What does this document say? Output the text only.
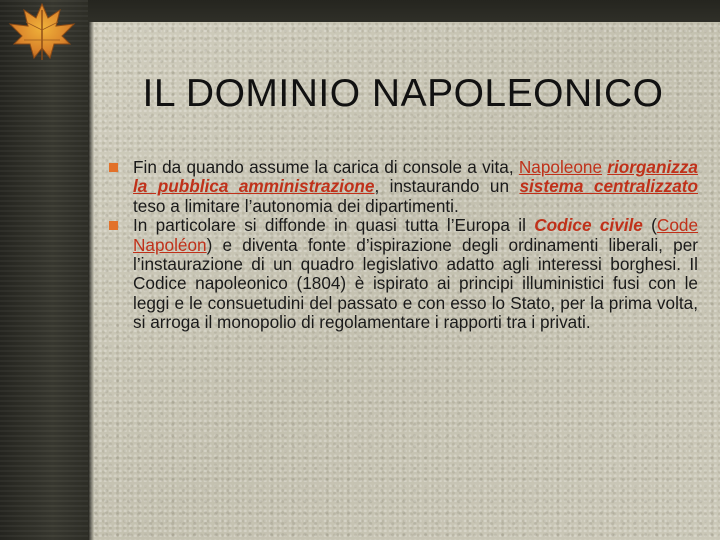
IL DOMINIO NAPOLEONICO
Fin da quando assume la carica di console a vita, Napoleone riorganizza la pubblica amministrazione, instaurando un sistema centralizzato teso a limitare l’autonomia dei dipartimenti.
In particolare si diffonde in quasi tutta l’Europa il Codice civile (Code Napoléon) e diventa fonte d’ispirazione degli ordinamenti liberali, per l’instaurazione di un quadro legislativo adatto agli interessi borghesi. Il Codice napoleonico (1804) è ispirato ai principi illuministici fusi con le leggi e le consuetudini del passato e con esso lo Stato, per la prima volta, si arroga il monopolio di regolamentare i rapporti tra i privati.
